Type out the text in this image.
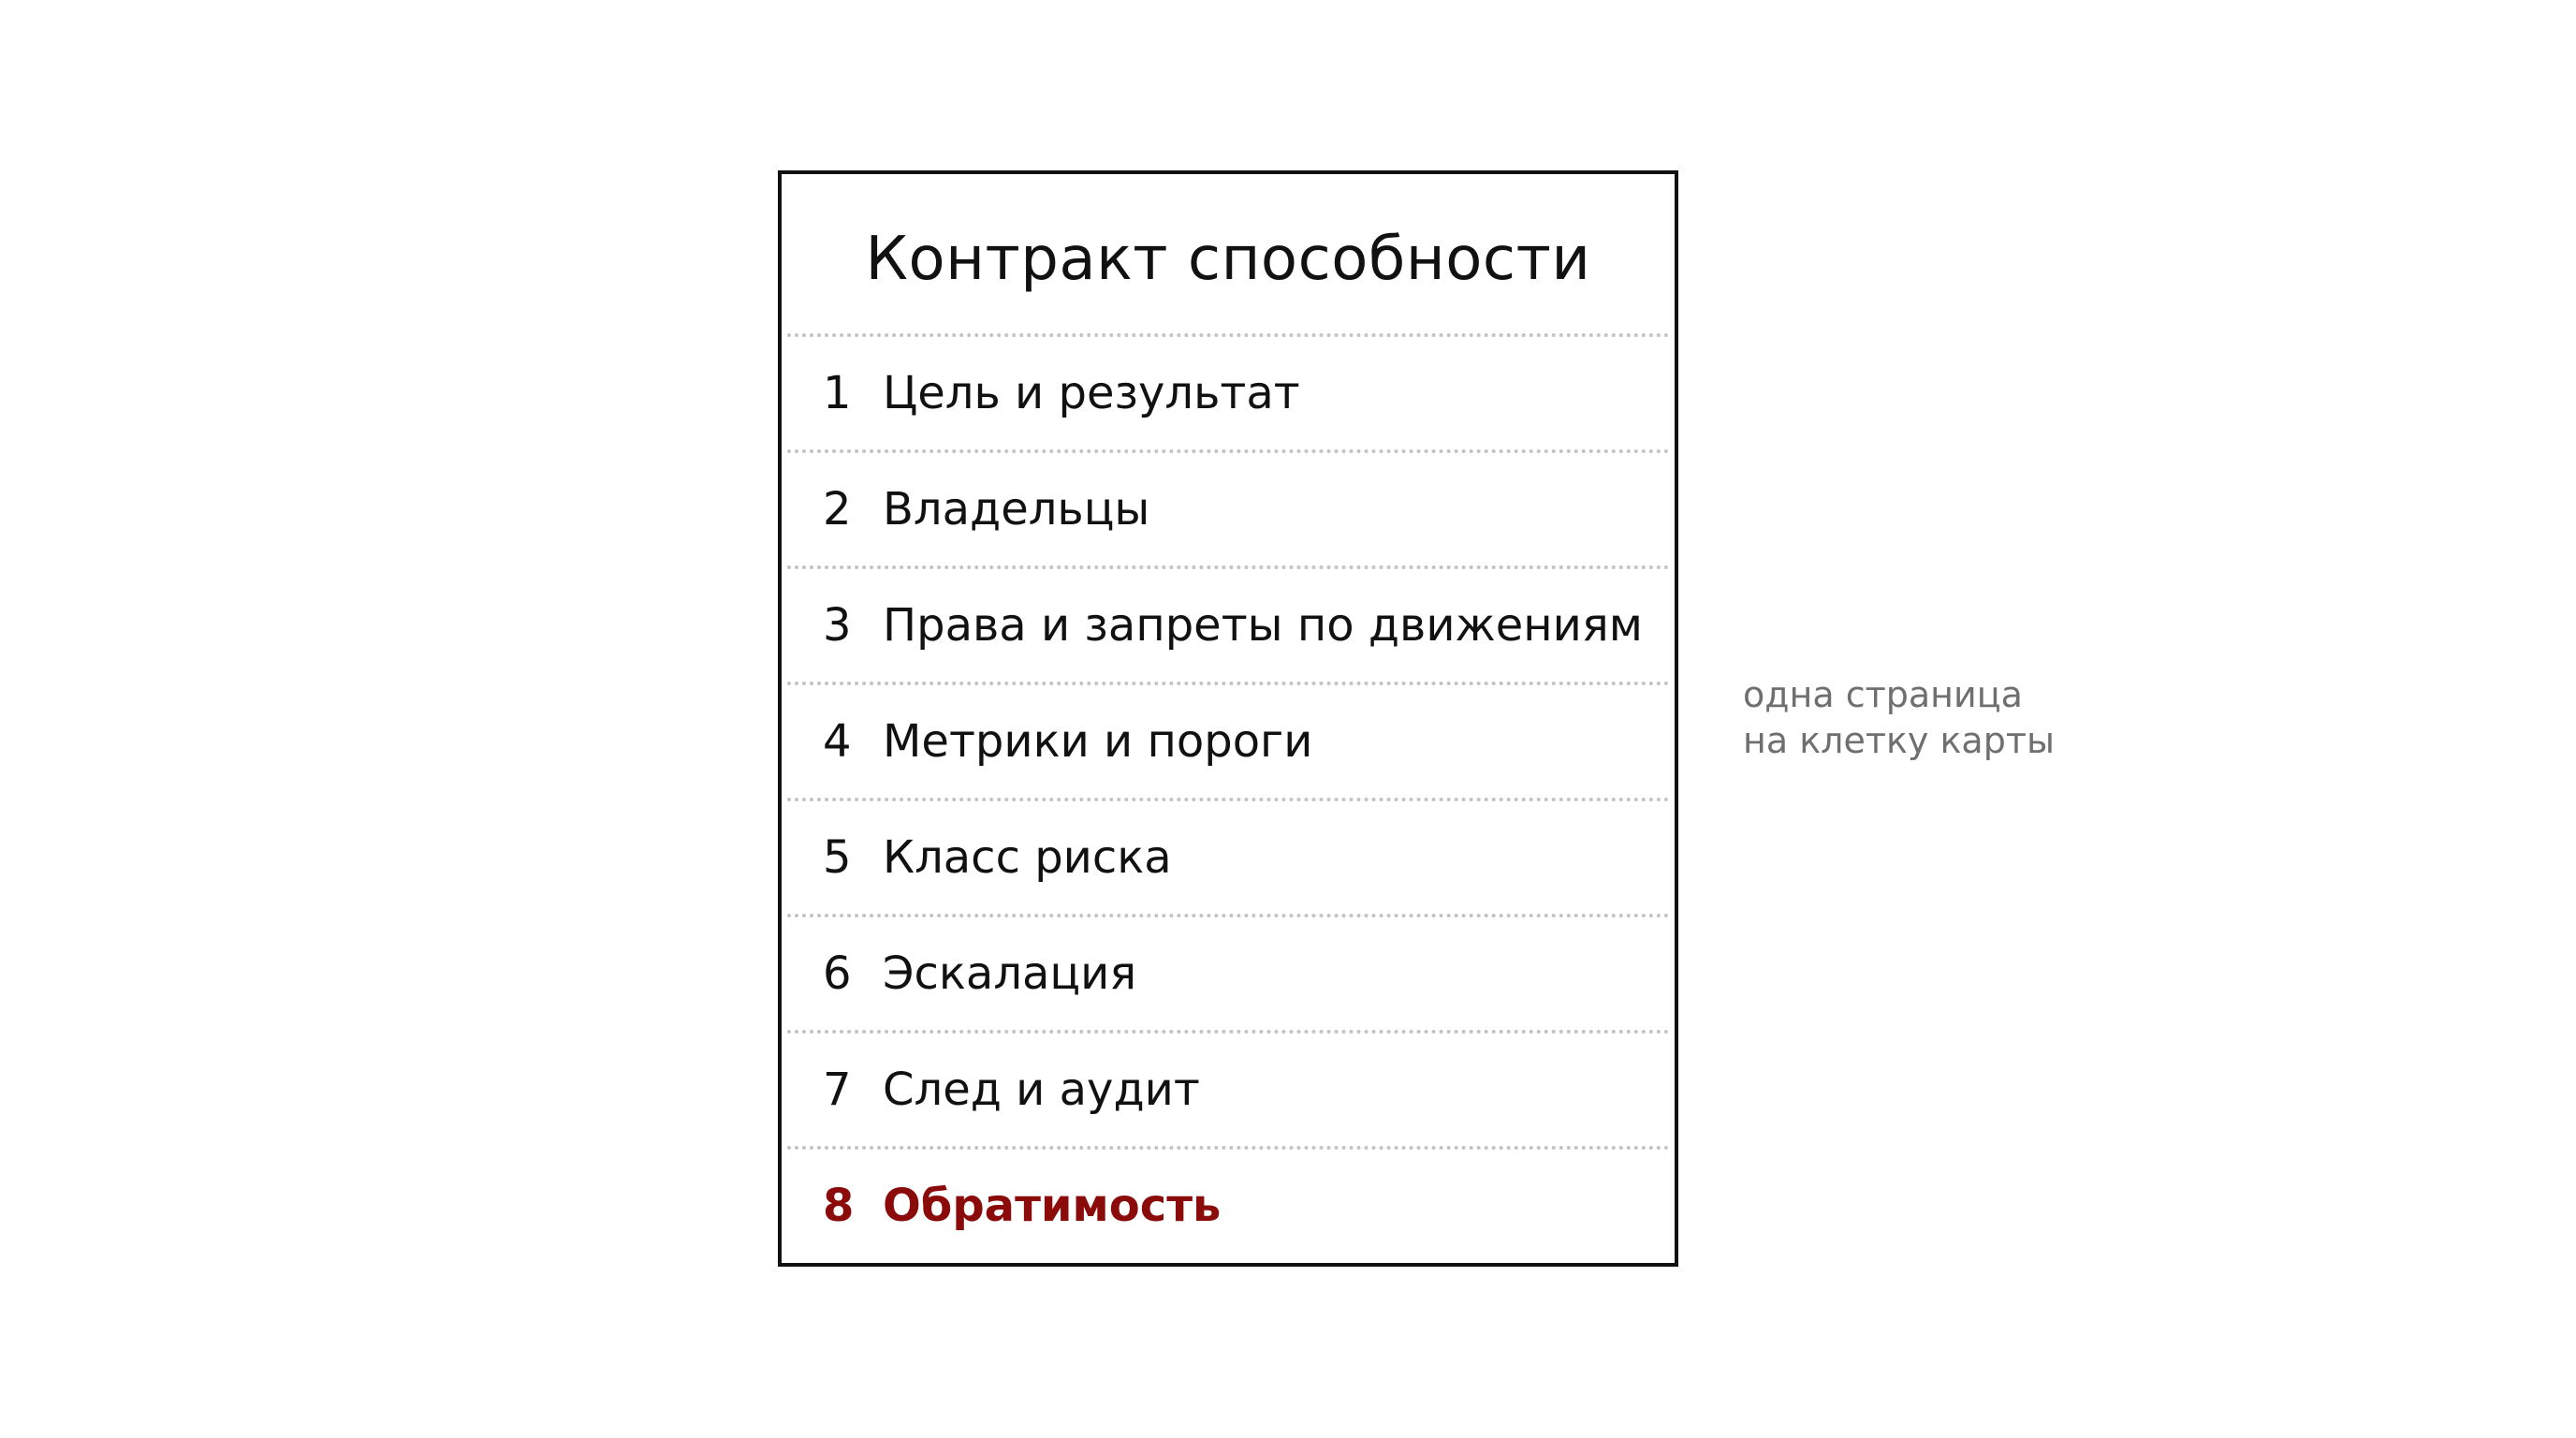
Контракт способности
1 Цель и результат
2 Владельцы
3 Права и запреты по движениям
4 Метрики и пороги
5 Класс риска
6 Эскалация
7 След и аудит
8 Обратимость
одна страница
на клетку карты
